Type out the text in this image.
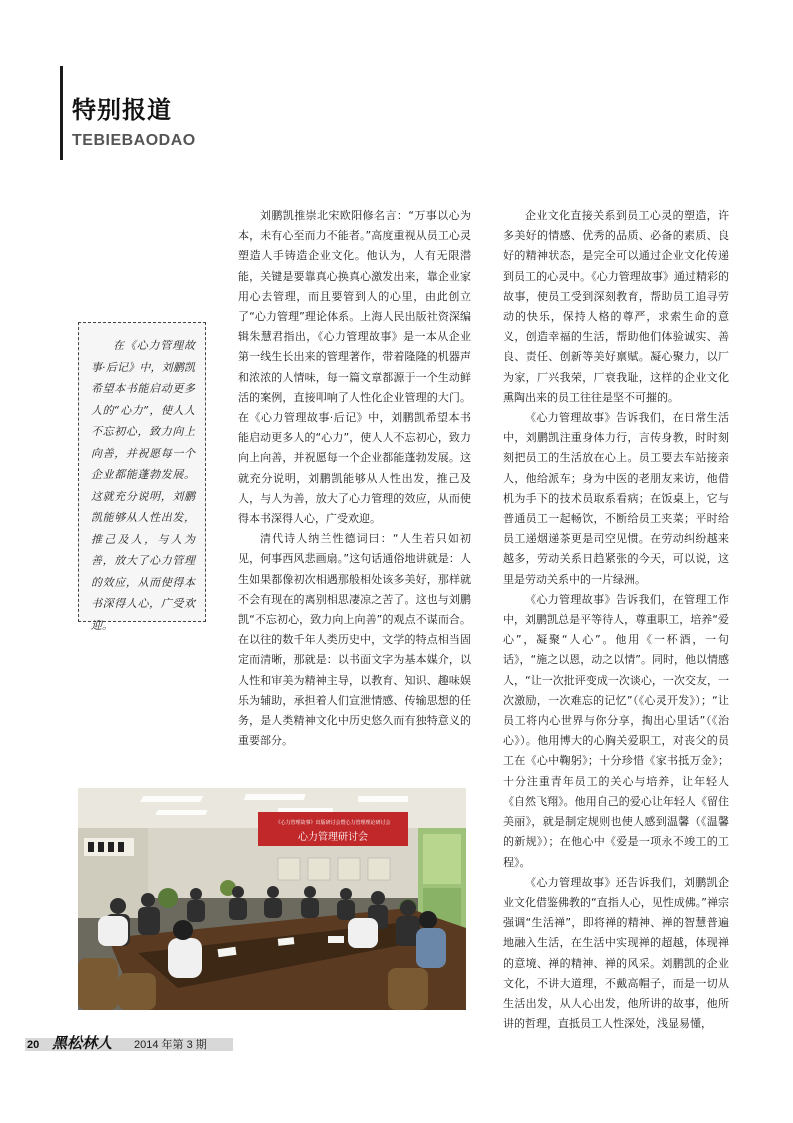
特别报道
TEBIEBAODAO

在《心力管理故事·后记》中，刘鹏凯希望本书能启动更多人的“心力”，使人人不忘初心，致力向上向善，并祝愿每一个企业都能蓬勃发展。这就充分说明，刘鹏凯能够从人性出发，推己及人，与人为善，放大了心力管理的效应，从而使得本书深得人心，广受欢迎。

刘鹏凯推崇北宋欧阳修名言：“万事以心为本，未有心至而力不能者。”高度重视从员工心灵塑造人手铸造企业文化。他认为，人有无限潜能，关键是要靠真心换真心激发出来，靠企业家用心去管理，而且要管到人的心里，由此创立了“心力管理”理论体系。上海人民出版社资深编辑朱慧君指出，《心力管理故事》是一本从企业第一线生长出来的管理著作，带着隆隆的机器声和浓浓的人情味，每一篇文章都源于一个生动鲜活的案例，直接叩响了人性化企业管理的大门。在《心力管理故事·后记》中，刘鹏凯希望本书能启动更多人的“心力”，使人人不忘初心，致力向上向善，并祝愿每一个企业都能蓬勃发展。这就充分说明，刘鹏凯能够从人性出发，推己及人，与人为善，放大了心力管理的效应，从而使得本书深得人心，广受欢迎。

清代诗人纳兰性德词曰：“人生若只如初见，何事西风悲画扇。”这句话通俗地讲就是：人生如果都像初次相遇那般相处该多美好，那样就不会有现在的离别相思凄凉之苦了。这也与刘鹏凯“不忘初心，致力向上向善”的观点不谋而合。在以往的数千年人类历史中，文学的特点相当固定而清晰，那就是：以书面文字为基本媒介，以人性和审美为精神主导，以教育、知识、趣味娱乐为辅助，承担着人们宣泄情感、传输思想的任务，是人类精神文化中历史悠久而有独特意义的重要部分。

企业文化直接关系到员工心灵的塑造，许多美好的情感、优秀的品质、必备的素质、良好的精神状态，是完全可以通过企业文化传递到员工的心灵中。《心力管理故事》通过精彩的故事，使员工受到深刻教育，帮助员工追寻劳动的快乐，保持人格的尊严，求索生命的意义，创造幸福的生活，帮助他们体验诚实、善良、责任、创新等美好禀赋。凝心聚力，以厂为家，厂兴我荣，厂衰我耻，这样的企业文化熏陶出来的员工往往是坚不可摧的。

《心力管理故事》告诉我们，在日常生活中，刘鹏凯注重身体力行，言传身教，时时刻刻把员工的生活放在心上。员工要去车站接亲人，他给派车；身为中医的老朋友来访，他借机为手下的技术员取系看病；在饭桌上，它与普通员工一起畅饮，不断给员工夹菜；平时给员工递烟递茶更是司空见惯。在劳动纠纷越来越多，劳动关系日趋紧张的今天，可以说，这里是劳动关系中的一片绿洲。

《心力管理故事》告诉我们，在管理工作中，刘鹏凯总是平等待人，尊重职工，培养“爱心”，凝聚“人心”。他用《一杯酒，一句话》，“施之以恩，动之以情”。同时，他以情感人，“让一次批评变成一次谈心，一次交友，一次激励，一次难忘的记忆”（《心灵开发》）；“让员工将内心世界与你分享，掏出心里话”（《治心》）。他用博大的心胸关爱职工，对丧父的员工在《心中鞠躬》；十分珍惜《家书抵万金》；十分注重青年员工的关心与培养，让年轻人《自然飞翔》。他用自己的爱心让年轻人《留住美丽》，就是制定规则也使人感到温馨（《温馨的新规》）；在他心中《爱是一项永不竣工的工程》。

《心力管理故事》还告诉我们，刘鹏凯企业文化借鉴佛教的“直指人心，见性成佛。”禅宗强调“生活禅”，即将禅的精神、禅的智慧普遍地融入生活，在生活中实现禅的超越，体现禅的意境、禅的精神、禅的风采。刘鹏凯的企业文化，不讲大道理，不戴高帽子，而是一切从生活出发，从人心出发，他所讲的故事，他所讲的哲理，直抵员工人性深处，浅显易懂，

《心力管理故事》出版研讨会暨心力管理理论研讨会
心力管理研讨会
20 黑松林人 2014 年第 3 期
